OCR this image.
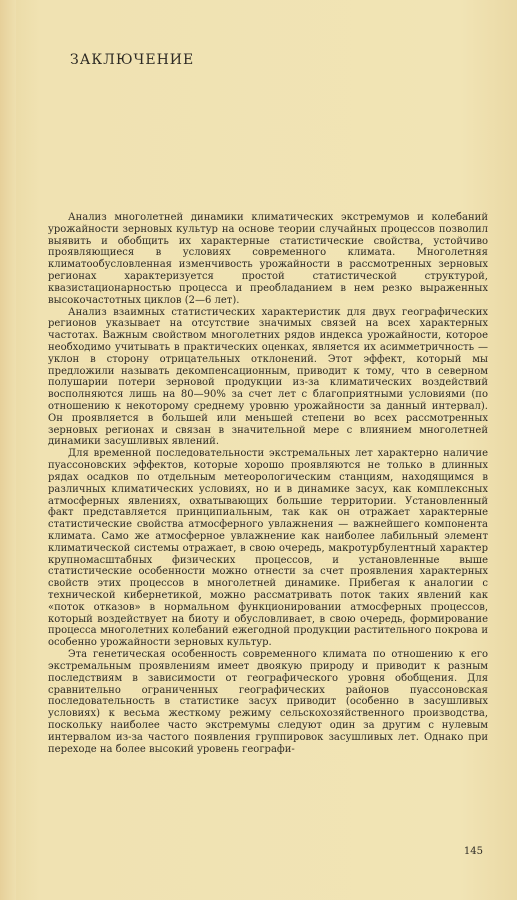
ЗАКЛЮЧЕНИЕ

Анализ многолетней динамики климатических экстремумов и колебаний урожайности зерновых культур на основе теории случайных процессов позволил выявить и обобщить их характерные статистические свойства, устойчиво проявляющиеся в условиях современного климата. Многолетняя климатообусловленная изменчивость урожайности в рассмотренных зерновых регионах характеризуется простой статистической структурой, квазистационарностью процесса и преобладанием в нем резко выраженных высокочастотных циклов (2—6 лет).

Анализ взаимных статистических характеристик для двух географических регионов указывает на отсутствие значимых связей на всех характерных частотах. Важным свойством многолетних рядов индекса урожайности, которое необходимо учитывать в практических оценках, является их асимметричность — уклон в сторону отрицательных отклонений. Этот эффект, который мы предложили называть декомпенсационным, приводит к тому, что в северном полушарии потери зерновой продукции из-за климатических воздействий восполняются лишь на 80—90% за счет лет с благоприятными условиями (по отношению к некоторому среднему уровню урожайности за данный интервал). Он проявляется в большей или меньшей степени во всех рассмотренных зерновых регионах и связан в значительной мере с влиянием многолетней динамики засушливых явлений.

Для временной последовательности экстремальных лет характерно наличие пуассоновских эффектов, которые хорошо проявляются не только в длинных рядах осадков по отдельным метеорологическим станциям, находящимся в различных климатических условиях, но и в динамике засух, как комплексных атмосферных явлениях, охватывающих большие территории. Установленный факт представляется принципиальным, так как он отражает характерные статистические свойства атмосферного увлажнения — важнейшего компонента климата. Само же атмосферное увлажнение как наиболее лабильный элемент климатической системы отражает, в свою очередь, макротурбулентный характер крупномасштабных физических процессов, и установленные выше статистические особенности можно отнести за счет проявления характерных свойств этих процессов в многолетней динамике. Прибегая к аналогии с технической кибернетикой, можно рассматривать поток таких явлений как «поток отказов» в нормальном функционировании атмосферных процессов, который воздействует на биоту и обусловливает, в свою очередь, формирование процесса многолетних колебаний ежегодной продукции растительного покрова и особенно урожайности зерновых культур.

Эта генетическая особенность современного климата по отношению к его экстремальным проявлениям имеет двоякую природу и приводит к разным последствиям в зависимости от географического уровня обобщения. Для сравнительно ограниченных географических районов пуассоновская последовательность в статистике засух приводит (особенно в засушливых условиях) к весьма жесткому режиму сельскохозяйственного производства, поскольку наиболее часто экстремумы следуют один за другим с нулевым интервалом из-за частого появления группировок засушливых лет. Однако при переходе на более высокий уровень географи-

145
